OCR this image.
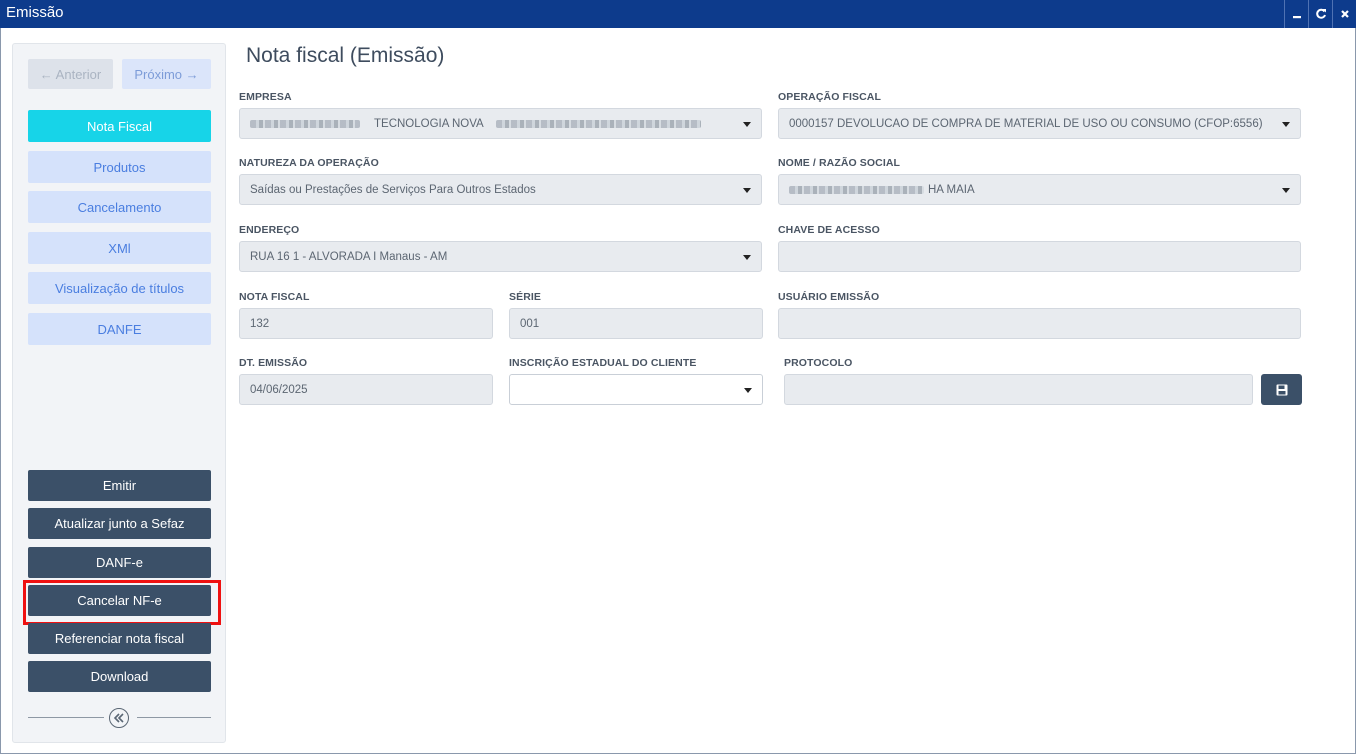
Emissão
← Anterior	Próximo →
Nota Fiscal
Produtos
Cancelamento
XMl
Visualização de títulos
DANFE
Emitir
Atualizar junto a Sefaz
DANF-e
Cancelar NF-e
Referenciar nota fiscal
Download
Nota fiscal (Emissão)
EMPRESA
TECNOLOGIA NOVA
OPERAÇÃO FISCAL
0000157 DEVOLUCAO DE COMPRA DE MATERIAL DE USO OU CONSUMO (CFOP:6556)
NATUREZA DA OPERAÇÃO
Saídas ou Prestações de Serviços Para Outros Estados
NOME / RAZÃO SOCIAL
HA MAIA
ENDEREÇO
RUA 16 1 - ALVORADA I Manaus - AM
CHAVE DE ACESSO
NOTA FISCAL
132
SÉRIE
001
USUÁRIO EMISSÃO
DT. EMISSÃO
04/06/2025
INSCRIÇÃO ESTADUAL DO CLIENTE	PROTOCOLO
